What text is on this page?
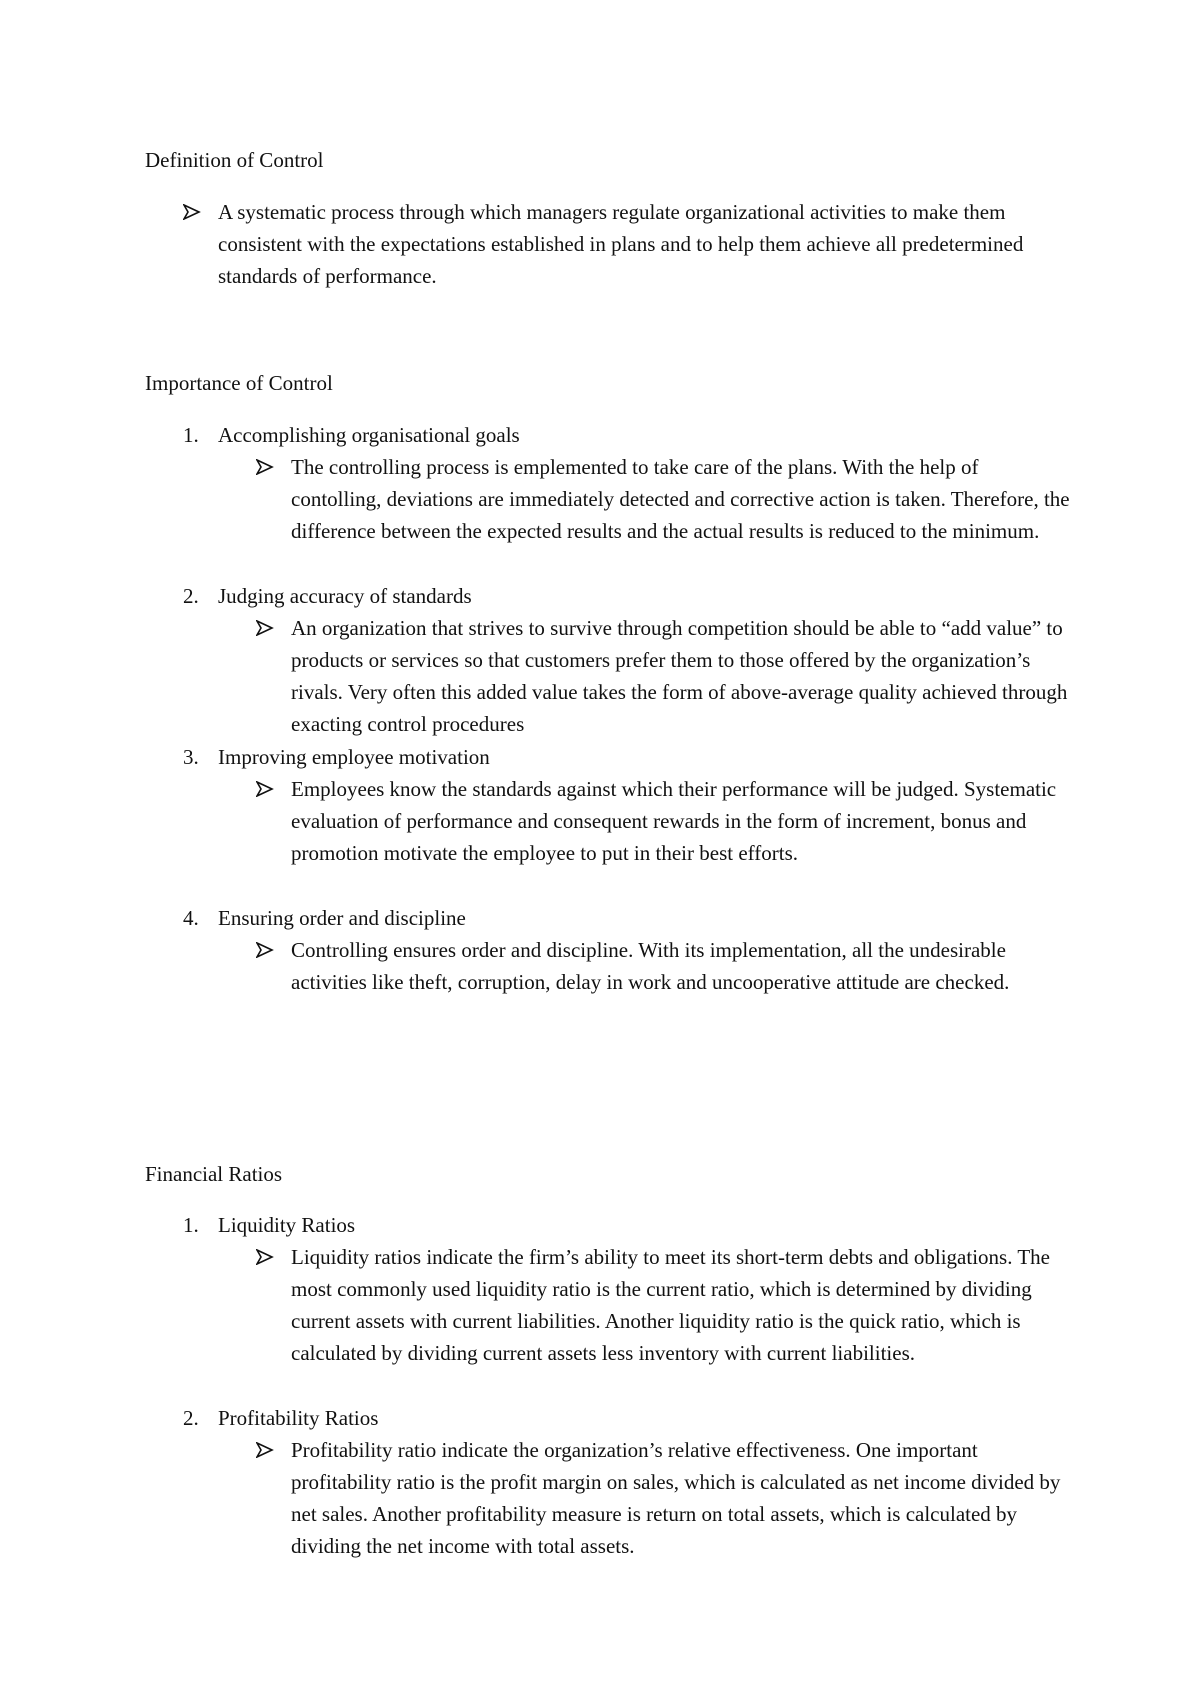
Definition of Control

A systematic process through which managers regulate organizational activities to make them consistent with the expectations established in plans and to help them achieve all predetermined standards of performance.

Importance of Control
1. Accomplishing organisational goals

The controlling process is emplemented to take care of the plans. With the help of contolling, deviations are immediately detected and corrective action is taken. Therefore, the difference between the expected results and the actual results is reduced to the minimum.

2. Judging accuracy of standards

An organization that strives to survive through competition should be able to “add value” to products or services so that customers prefer them to those offered by the organization’s rivals. Very often this added value takes the form of above-average quality achieved through exacting control procedures

3. Improving employee motivation

Employees know the standards against which their performance will be judged. Systematic evaluation of performance and consequent rewards in the form of increment, bonus and promotion motivate the employee to put in their best efforts.

4. Ensuring order and discipline

Controlling ensures order and discipline. With its implementation, all the undesirable activities like theft, corruption, delay in work and uncooperative attitude are checked.

Financial Ratios
1. Liquidity Ratios

Liquidity ratios indicate the firm’s ability to meet its short-term debts and obligations. The most commonly used liquidity ratio is the current ratio, which is determined by dividing current assets with current liabilities. Another liquidity ratio is the quick ratio, which is calculated by dividing current assets less inventory with current liabilities.

2. Profitability Ratios

Profitability ratio indicate the organization’s relative effectiveness. One important profitability ratio is the profit margin on sales, which is calculated as net income divided by net sales. Another profitability measure is return on total assets, which is calculated by dividing the net income with total assets.
